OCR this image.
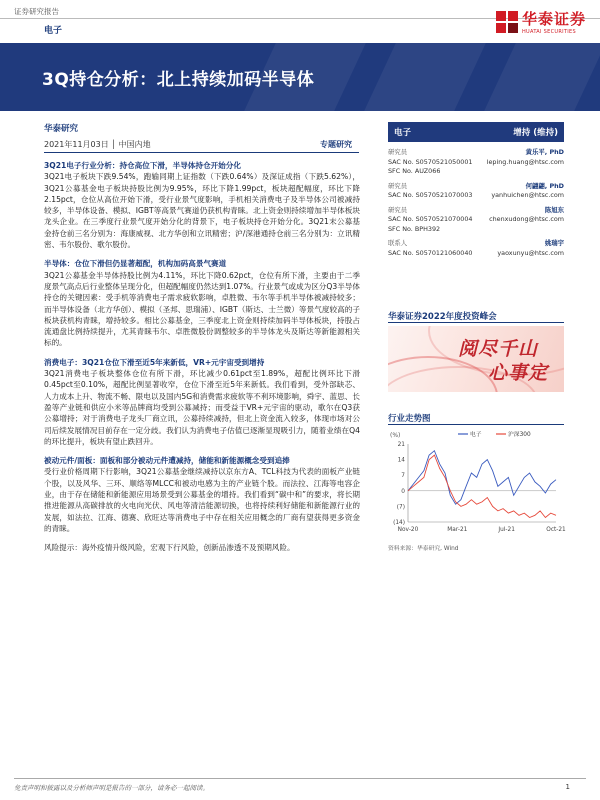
证券研究报告
电子
华泰证券
HUATAI SECURITIES
3Q持仓分析：北上持续加码半导体
华泰研究
2021年11月03日 │ 中国内地	专题研究

3Q21电子行业分析：持仓高位下滑，半导体持仓开始分化

3Q21电子板块下跌9.54%，跑输同期上证指数（下跌0.64%）及深证成指（下跌5.62%），3Q21公募基金电子板块持股比例为9.95%，环比下降1.99pct，板块超配幅度，环比下降2.15pct，仓位从高位开始下滑，受行业景气度影响，手机相关消费电子及半导体公司被减持较多，半导体设备、模拟、IGBT等高景气赛道仍获机构青睐。北上资金则持续增加半导体板块龙头企业。在三季度行业景气度开始分化的背景下，电子板块持仓开始分化。3Q21末公募基金持仓前三名分别为：海康威视、北方华创和立讯精密；沪/深港通持仓前三名分别为：立讯精密、韦尔股份、歌尔股份。

半导体：仓位下滑但仍显著超配，机构加码高景气赛道

3Q21公募基金半导体持股比例为4.11%，环比下降0.62pct，仓位有所下滑，主要由于二季度景气高点后行业整体呈现分化，但超配幅度仍然达到1.07%。行业景气或成为区分Q3半导体持仓的关键因素：受手机等消费电子需求疲软影响，卓胜微、韦尔等手机半导体被减持较多；而半导体设备（北方华创）、模拟（圣邦、思瑞浦）、IGBT（斯达、士兰微）等景气度较高的子板块获机构青睐，增持较多。相比公募基金，三季度北上资金则持续加码半导体板块，持股占流通盘比例持续提升，尤其青睐韦尔、卓胜微股份调整较多的半导体龙头及斯达等新能源相关标的。

消费电子：3Q21仓位下滑至近5年来新低，VR+元宇宙受到增持

3Q21消费电子板块整体仓位有所下滑，环比减少0.61pct至1.89%，超配比例环比下滑0.45pct至0.10%，超配比例显著收窄，仓位下滑至近5年来新低。我们看到，受外部缺芯、人力成本上升、物流不畅、限电以及国内5G和消费需求疲软等不利环境影响，舜宇、蓝思、长盈等产业链和供应小米等品牌商均受到公募减持；而受益于VR+元宇宙的驱动，歌尔在Q3获公募增持；对于消费电子龙头厂商立讯，公募持续减持，但北上资金流入较多，体现市场对公司后续发展情况目前存在一定分歧。我们认为消费电子估值已逐渐显现吸引力，随着业绩在Q4的环比提升，板块有望止跌回升。

被动元件/面板：面板和部分被动元件遭减持，储能和新能源概念受到追捧

受行业价格周期下行影响，3Q21公募基金继续减持以京东方A、TCL科技为代表的面板产业链个股，以及风华、三环、顺络等MLCC和被动电感为主的产业链个股。而法拉、江海等电容企业，由于存在储能和新能源应用场景受到公募基金的增持。我们看到“碳中和”的要求，将长期推进能源从高碳排放的火电向光伏、风电等清洁能源切换，也将持续利好储能和新能源行业的发展，如法拉、江海、德赛、欣旺达等消费电子中存在相关应用概念的厂商有望获得更多资金的青睐。

风险提示：海外疫情升级风险，宏观下行风险，创新品渗透不及预期风险。

电子	增持 (维持)
研究员	黄乐平, PhD
SAC No. S0570521050001 leping.huang@htsc.com
SFC No. AUZ066
研究员	何翩翩, PhD
SAC No. S0570521070003	yanhuichen@htsc.com
研究员	陈旭东
SAC No. S0570521070004	chenxudong@htsc.com
SFC No. BPH392
联系人	姚瑞宇
SAC No. S0570121060040	yaoxunyu@htsc.com
华泰证券2022年度投资峰会
阅尽千山
心事定
行业走势图
(%)
21
14
7
0
(7)
(14)
Nov-20	Mar-21	Jul-21	Oct-21
电子	沪深300
资料来源：华泰研究, Wind
免责声明和披露以及分析师声明是报告的一部分，请务必一起阅读。	1
